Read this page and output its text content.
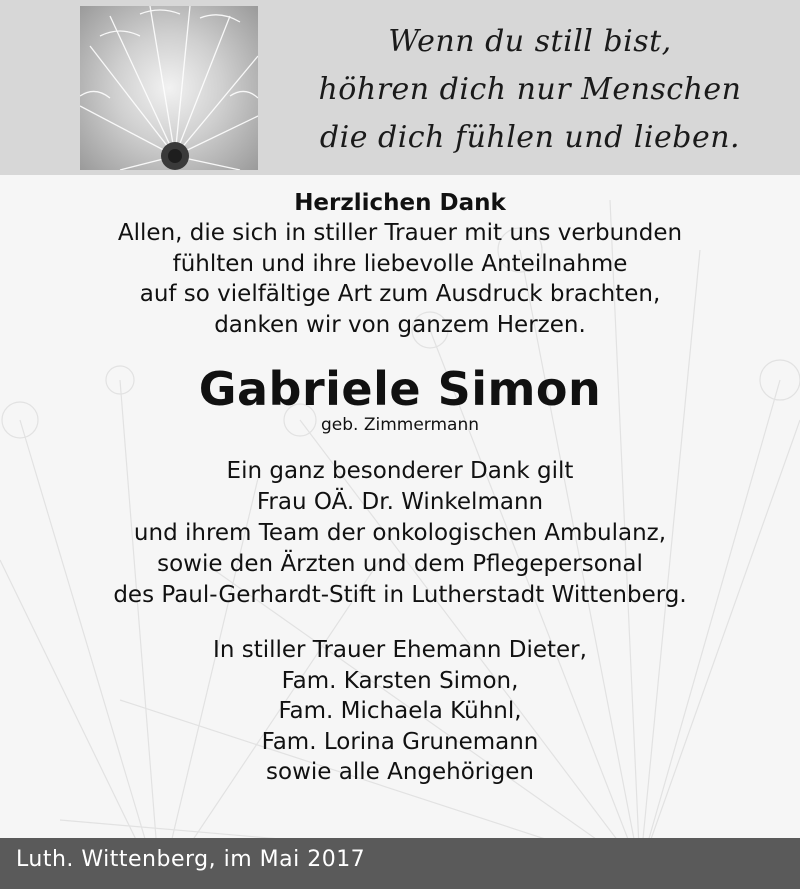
Wenn du still bist,
höhren dich nur Menschen
die dich fühlen und lieben.
Herzlichen Dank
Allen, die sich in stiller Trauer mit uns verbunden
fühlten und ihre liebevolle Anteilnahme
auf so vielfältige Art zum Ausdruck brachten,
danken wir von ganzem Herzen.
Gabriele Simon
geb. Zimmermann
Ein ganz besonderer Dank gilt
Frau OÄ. Dr. Winkelmann
und ihrem Team der onkologischen Ambulanz,
sowie den Ärzten und dem Pflegepersonal
des Paul-Gerhardt-Stift in Lutherstadt Wittenberg.
In stiller Trauer Ehemann Dieter,
Fam. Karsten Simon,
Fam. Michaela Kühnl,
Fam. Lorina Grunemann
sowie alle Angehörigen
Luth. Wittenberg, im Mai 2017
